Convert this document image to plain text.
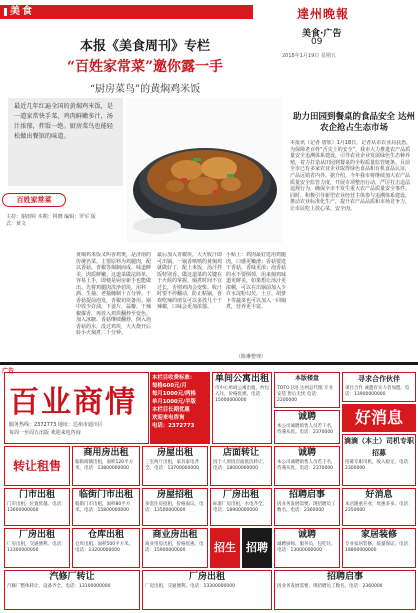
美食	達州晚報
美食·广告
09
2018年1月19日 星期五
本报《美食周刊》专栏
“百姓家常菜”邀你露一手
“厨房菜鸟”的黄焖鸡米饭

最近几年红遍全国的黄焖鸡米饭，是一道家常快手菜，鸡肉鲜嫩多汁，汤汁浓郁，拌饭一绝。厨房菜鸟也能轻松做出餐馆的味道。

百姓家常菜
主持：谢雨婷 本期：林晓 编辑：罗军 版式：黄文
黄焖鸡米饭又叫香鸡煲，是济南的传统名菜。主要原料为鸡腿肉，配以香菇、青椒等焖制而成，味道鲜美，肉质鲜嫩。这道菜做法简单，容易上手，即便是厨房新手也能做出。先将鸡腿肉洗净切块，用料酒、生抽、老抽腌制十五分钟。干香菇提前泡发，青椒切块备用。锅中放少许油，下姜片、蒜瓣、干辣椒爆香，再放入鸡块翻炒至变色。加入冰糖、香菇继续翻炒，倒入泡香菇的水，没过鸡块，大火烧开后转小火焖煮二十分钟。
最后加入青椒块，大火收汁即可出锅。一锅香喷喷的黄焖鸡就做好了，配上米饭，汤汁拌饭特别香。做这道菜的关键在于火候的掌握，焖煮时间不宜过长，否则鸡肉会变柴。收汁时要不停翻动，防止粘锅。喜欢吃辣的朋友可以多放几个干辣椒，口味会更加浓郁。
小贴士：鸡肉最好选用鸡腿肉，口感更嫩滑；香菇要选干香菇，香味更浓；泡香菇的水不要倒掉，用来焖鸡味道更鲜美。如果想让汤汁更浓稠，可以在出锅前加入少许水淀粉勾芡。土豆、胡萝卜等蔬菜也可以加入一同焖煮，营养更丰富。
（陈琳整理）
助力田园到餐桌的食品安全 达州农企抢占生态市场
本报讯（记者 唐欣）1月18日，记者从市农业局获悉，为保障老百姓“舌尖上的安全”，我市大力推进农产品质量安全追溯体系建设，引导农业企业发展绿色生态种养殖，着力打造从田园到餐桌的全程质量监管链条。目前全市已有多家农业企业取得绿色食品和有机食品认证，产品远销省内外。据介绍，今年我市将继续加大农产品质量安全监管力度，开展专项整治行动，严厉打击违法违规行为，确保全市不发生重大农产品质量安全事件。同时，积极引导新型农业经营主体参与追溯体系建设，推动农业标准化生产，提升农产品品质和市场竞争力，让市民吃上放心菜、安全肉。
广告
百业商情
服务热线：2372773 地址：达州市通川区
每周一至周五出版 欢迎来电咨询

本栏目收费标准：

每格600元/月

每月1000元/两格

单月1000元/半版

本栏目长期优惠

欢迎来电咨询

电话：2372773

单间公寓出租
市中心单间公寓出租，拎包入住，价格优惠。电话：15000000000
本版楼盘
TOTO卫浴 达州总代理 专业安装 售后无忧 电话：2200000
寻求合作伙伴
项目合作 诚邀有实力者加盟。电话：13900000000
好消息
诚聘
本公司诚聘销售人员若干名，待遇从优。电话：2370000
转让租售
商用房出租
临街商铺出租，面积120平方米。电话：13800000000
房屋出租
三室两厅出租，家具家电齐全。电话：13700000000
店面转让
因个人原因店面低价转让。电话：18000000000
诚聘
本公司诚聘销售人员若干名，待遇从优。电话：2370000
滴滴（本土）司机专职招募
招募专职司机，收入稳定。电话：2300000
门市出租
门市出租，位置优越。电话：13600000000
临街门市出租
临街门市出租，面积80平方米。电话：15800000000
房屋招租
多套住房招租，价格面议。电话：13500000000
厂房出租
标准厂房出租，水电齐全。电话：18900000000
招聘启事
因业务发展需要，现招聘员工数名。电话：2360000
好消息
本店隆重开业，优惠多多。电话：2350000
厂房出租
厂房出租，交通便利。电话：13300000000
仓库出租
仓库出租，面积500平方米。电话：13200000000
商业房出租
商业用房出租，价格优惠。电话：15900000000	招生 招聘
诚聘
诚聘厨师、服务员，包吃住。电话：13000000000
家居装修
专业家居装修，质量保证。电话：18800000000
汽修厂转让
汽修厂整体转让，设备齐全。电话：13100000000
厂房出租
厂房出租，交通便利。电话：13300000000
招聘启事
因业务发展需要，现招聘员工数名。电话：2360000
